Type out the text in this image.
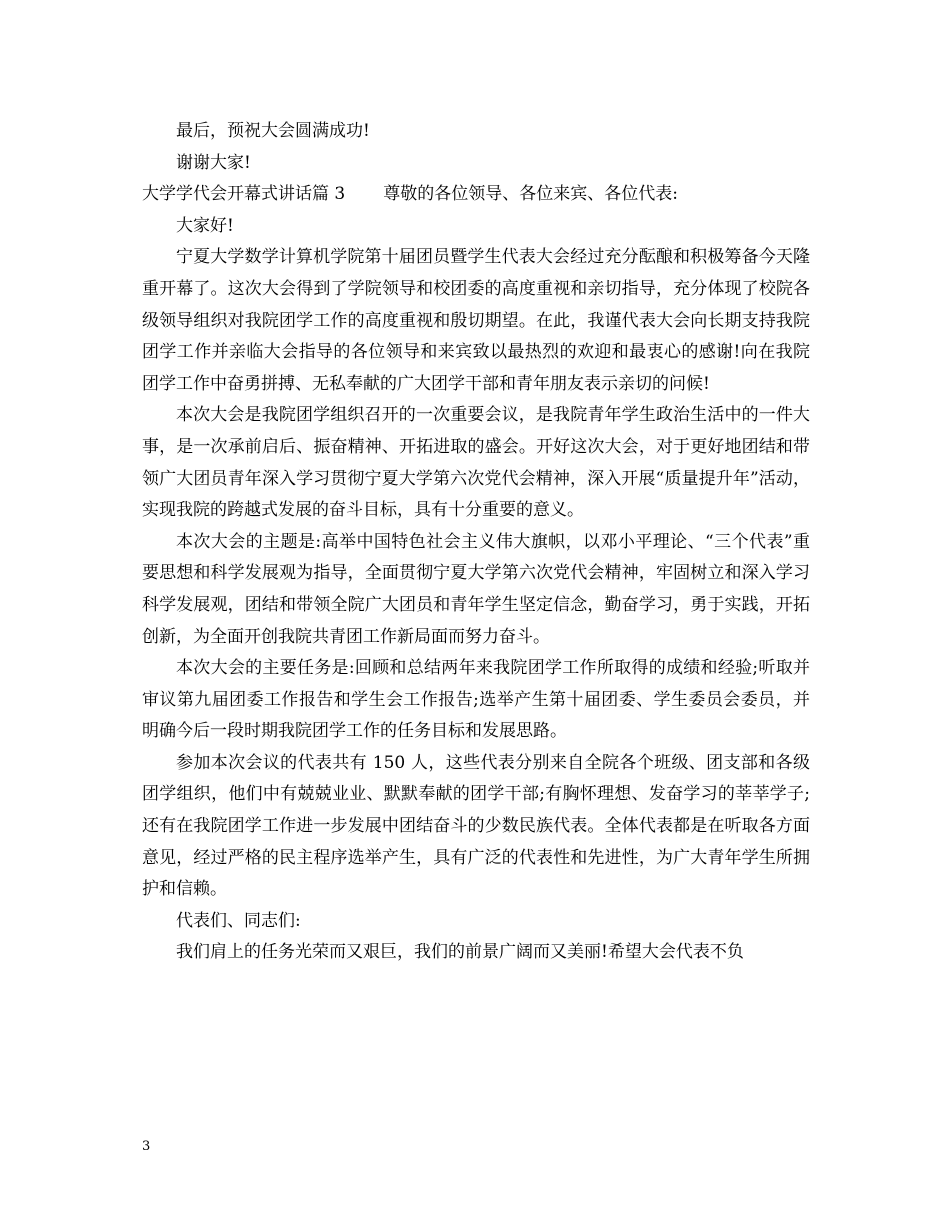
最后，预祝大会圆满成功!

谢谢大家!

大学学代会开幕式讲话篇 3 尊敬的各位领导、各位来宾、各位代表:

大家好!

宁夏大学数学计算机学院第十届团员暨学生代表大会经过充分酝酿和积极筹备今天隆重开幕了。这次大会得到了学院领导和校团委的高度重视和亲切指导，充分体现了校院各级领导组织对我院团学工作的高度重视和殷切期望。在此，我谨代表大会向长期支持我院团学工作并亲临大会指导的各位领导和来宾致以最热烈的欢迎和最衷心的感谢!向在我院团学工作中奋勇拼搏、无私奉献的广大团学干部和青年朋友表示亲切的问候!

本次大会是我院团学组织召开的一次重要会议，是我院青年学生政治生活中的一件大事，是一次承前启后、振奋精神、开拓进取的盛会。开好这次大会，对于更好地团结和带领广大团员青年深入学习贯彻宁夏大学第六次党代会精神，深入开展“质量提升年”活动，实现我院的跨越式发展的奋斗目标，具有十分重要的意义。

本次大会的主题是:高举中国特色社会主义伟大旗帜，以邓小平理论、“三个代表”重要思想和科学发展观为指导，全面贯彻宁夏大学第六次党代会精神，牢固树立和深入学习科学发展观，团结和带领全院广大团员和青年学生坚定信念，勤奋学习，勇于实践，开拓创新，为全面开创我院共青团工作新局面而努力奋斗。

本次大会的主要任务是:回顾和总结两年来我院团学工作所取得的成绩和经验;听取并审议第九届团委工作报告和学生会工作报告;选举产生第十届团委、学生委员会委员，并明确今后一段时期我院团学工作的任务目标和发展思路。

参加本次会议的代表共有 150 人，这些代表分别来自全院各个班级、团支部和各级团学组织，他们中有兢兢业业、默默奉献的团学干部;有胸怀理想、发奋学习的莘莘学子;还有在我院团学工作进一步发展中团结奋斗的少数民族代表。全体代表都是在听取各方面意见，经过严格的民主程序选举产生，具有广泛的代表性和先进性，为广大青年学生所拥护和信赖。

代表们、同志们:

我们肩上的任务光荣而又艰巨，我们的前景广阔而又美丽!希望大会代表不负

3
